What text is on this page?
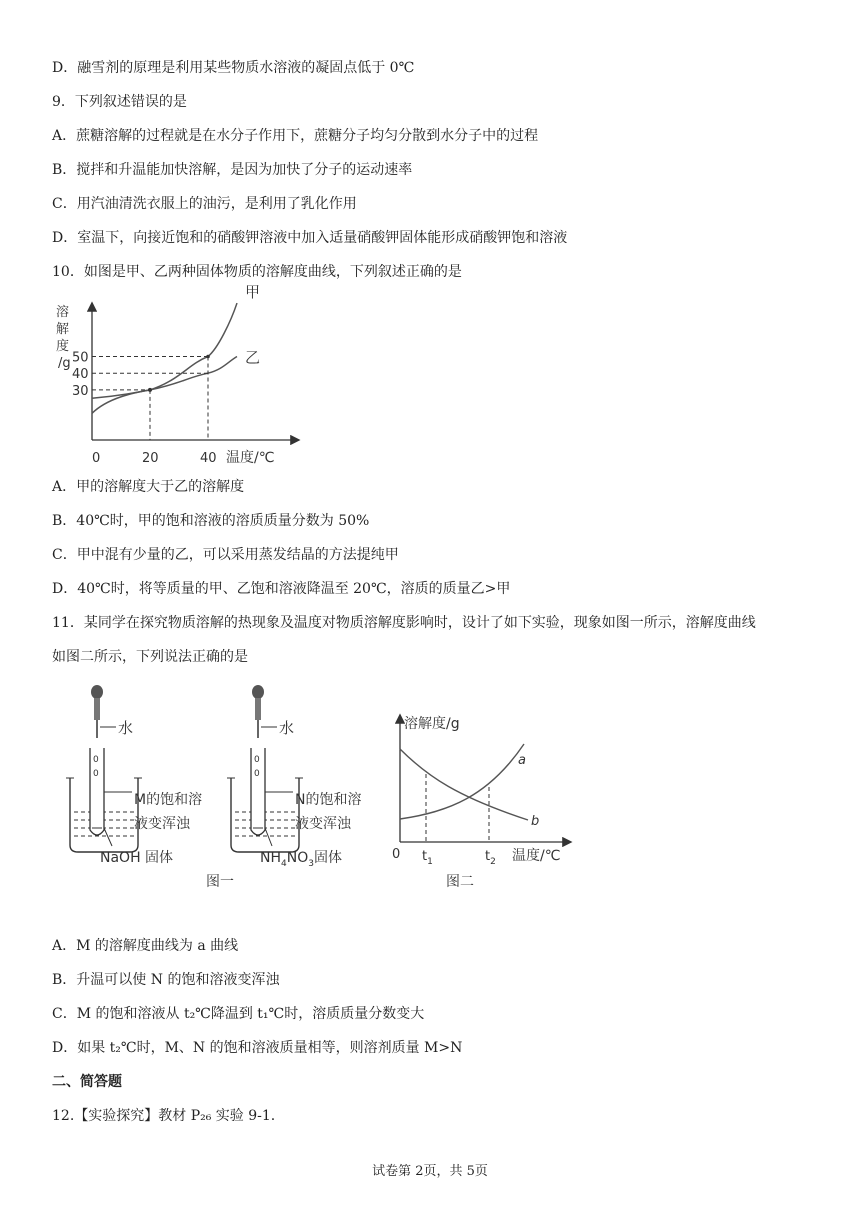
D．融雪剂的原理是利用某些物质水溶液的凝固点低于 0℃
9．下列叙述错误的是
A．蔗糖溶解的过程就是在水分子作用下，蔗糖分子均匀分散到水分子中的过程
B．搅拌和升温能加快溶解，是因为加快了分子的运动速率
C．用汽油清洗衣服上的油污，是利用了乳化作用
D．室温下，向接近饱和的硝酸钾溶液中加入适量硝酸钾固体能形成硝酸钾饱和溶液
10．如图是甲、乙两种固体物质的溶解度曲线，下列叙述正确的是
溶解度/g
甲
乙
30
40
50
0	20	40 温度/℃
A．甲的溶解度大于乙的溶解度
B．40℃时，甲的饱和溶液的溶质质量分数为 50%
C．甲中混有少量的乙，可以采用蒸发结晶的方法提纯甲
D．40℃时，将等质量的甲、乙饱和溶液降温至 20℃，溶质的质量乙>甲
11．某同学在探究物质溶解的热现象及温度对物质溶解度影响时，设计了如下实验，现象如图一所示，溶解度曲线
如图二所示，下列说法正确的是
水
0
0
M的饱和溶
液变浑浊
NaOH 固体
水
0
0
N的饱和溶
液变浑浊
$NH_4NO_3$固体
图一
溶解度/g
a
b
0 $t_1$	$t_2$ 温度/℃
图二
A．M 的溶解度曲线为 a 曲线
B．升温可以使 N 的饱和溶液变浑浊
C．M 的饱和溶液从 t₂℃降温到 t₁℃时，溶质质量分数变大
D．如果 t₂℃时，M、N 的饱和溶液质量相等，则溶剂质量 M>N
二、简答题
12.【实验探究】教材 P₂₆ 实验 9-1.
试卷第 2页，共 5页
